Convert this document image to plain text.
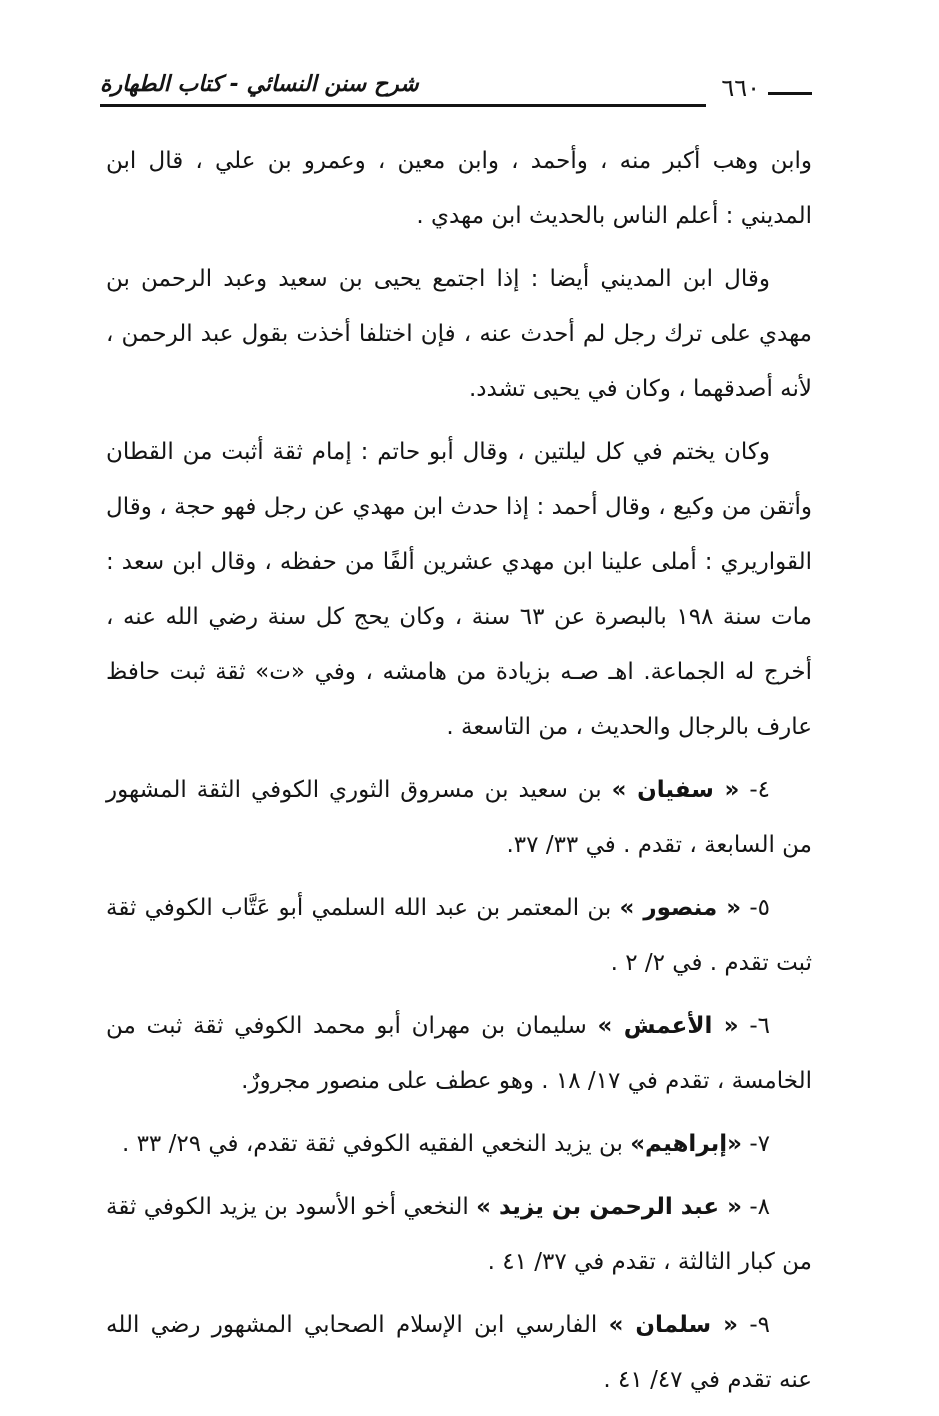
شرح سنن النسائي - كتاب الطهارة	٦٦٠

وابن وهب أكبر منه ، وأحمد ، وابن معين ، وعمرو بن علي ، قال ابن المديني : أعلم الناس بالحديث ابن مهدي .

وقال ابن المديني أيضا : إذا اجتمع يحيى بن سعيد وعبد الرحمن بن مهدي على ترك رجل لم أحدث عنه ، فإن اختلفا أخذت بقول عبد الرحمن ، لأنه أصدقهما ، وكان في يحيى تشدد.

وكان يختم في كل ليلتين ، وقال أبو حاتم : إمام ثقة أثبت من القطان وأتقن من وكيع ، وقال أحمد : إذا حدث ابن مهدي عن رجل فهو حجة ، وقال القواريري : أملى علينا ابن مهدي عشرين ألفًا من حفظه ، وقال ابن سعد : مات سنة ١٩٨ بالبصرة عن ٦٣ سنة ، وكان يحج كل سنة رضي الله عنه ، أخرج له الجماعة. اهـ صـه بزيادة من هامشه ، وفي «ت» ثقة ثبت حافظ عارف بالرجال والحديث ، من التاسعة .

٤- « سفيان » بن سعيد بن مسروق الثوري الكوفي الثقة المشهور من السابعة ، تقدم . في ٣٣/ ٣٧.

٥- « منصور » بن المعتمر بن عبد الله السلمي أبو عَتَّاب الكوفي ثقة ثبت تقدم . في ٢/ ٢ .

٦- « الأعمش » سليمان بن مهران أبو محمد الكوفي ثقة ثبت من الخامسة ، تقدم في ١٧/ ١٨ . وهو عطف على منصور مجرورٌ.

٧- «إبراهيم» بن يزيد النخعي الفقيه الكوفي ثقة تقدم، في ٢٩/ ٣٣ .

٨- « عبد الرحمن بن يزيد » النخعي أخو الأسود بن يزيد الكوفي ثقة من كبار الثالثة ، تقدم في ٣٧/ ٤١ .

٩- « سلمان » الفارسي ابن الإسلام الصحابي المشهور رضي الله عنه تقدم في ٤٧/ ٤١ .
